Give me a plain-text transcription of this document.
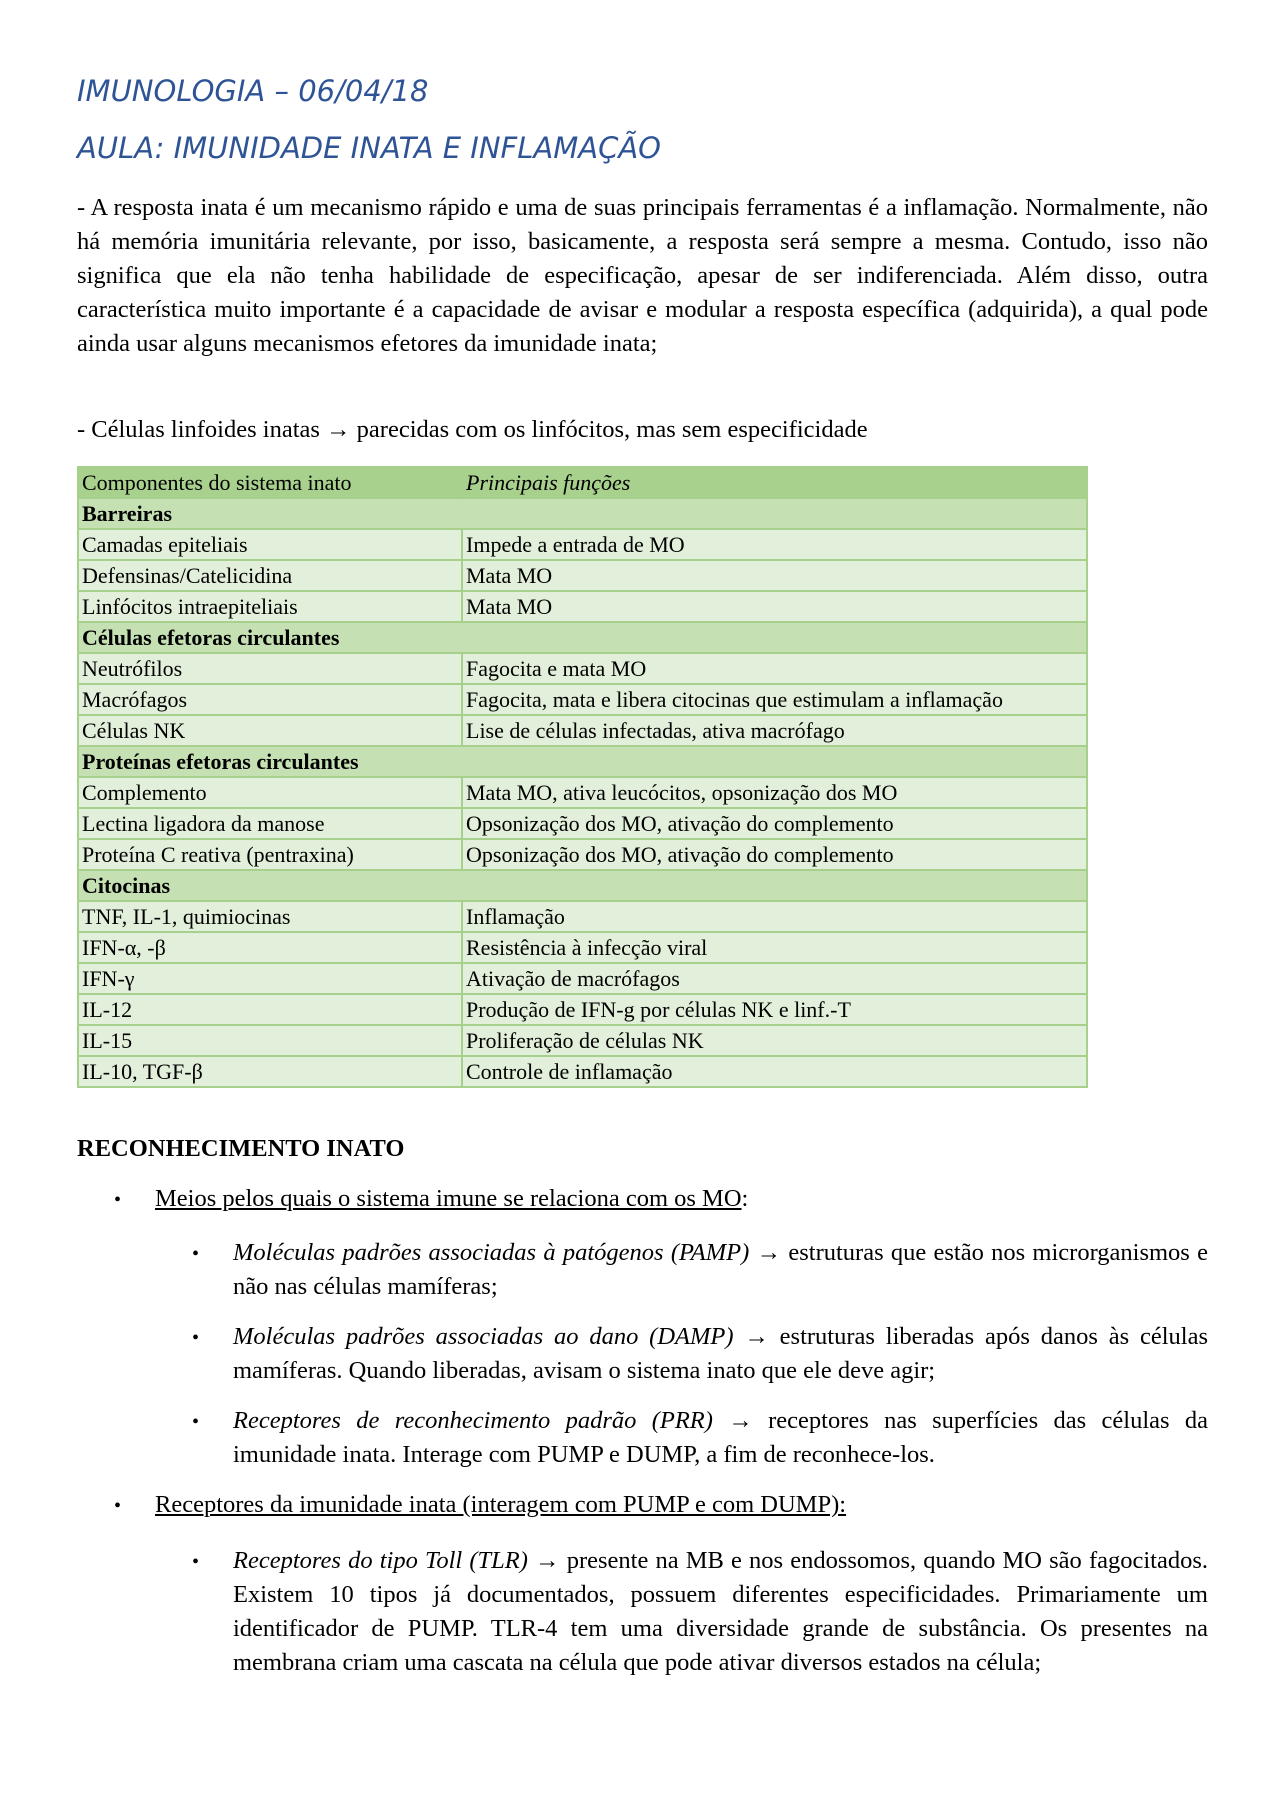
IMUNOLOGIA – 06/04/18
AULA: IMUNIDADE INATA E INFLAMAÇÃO

- A resposta inata é um mecanismo rápido e uma de suas principais ferramentas é a inflamação. Normalmente, não há memória imunitária relevante, por isso, basicamente, a resposta será sempre a mesma. Contudo, isso não significa que ela não tenha habilidade de especificação, apesar de ser indiferenciada. Além disso, outra característica muito importante é a capacidade de avisar e modular a resposta específica (adquirida), a qual pode ainda usar alguns mecanismos efetores da imunidade inata;

- Células linfoides inatas → parecidas com os linfócitos, mas sem especificidade

Componentes do sistema inato	Principais funções
Barreiras	
Camadas epiteliais	Impede a entrada de MO
Defensinas/Catelicidina	Mata MO
Linfócitos intraepiteliais	Mata MO
Células efetoras circulantes	
Neutrófilos	Fagocita e mata MO
Macrófagos	Fagocita, mata e libera citocinas que estimulam a inflamação
Células NK	Lise de células infectadas, ativa macrófago
Proteínas efetoras circulantes	
Complemento	Mata MO, ativa leucócitos, opsonização dos MO
Lectina ligadora da manose	Opsonização dos MO, ativação do complemento
Proteína C reativa (pentraxina)	Opsonização dos MO, ativação do complemento
Citocinas	
TNF, IL-1, quimiocinas	Inflamação
IFN-α, -β	Resistência à infecção viral
IFN-γ	Ativação de macrófagos
IL-12	Produção de IFN-g por células NK e linf.-T
IL-15	Proliferação de células NK
IL-10, TGF-β	Controle de inflamação
RECONHECIMENTO INATO
• Meios pelos quais o sistema imune se relaciona com os MO:

• Moléculas padrões associadas à patógenos (PAMP) → estruturas que estão nos microrganismos e não nas células mamíferas;

• Moléculas padrões associadas ao dano (DAMP) → estruturas liberadas após danos às células mamíferas. Quando liberadas, avisam o sistema inato que ele deve agir;

• Receptores de reconhecimento padrão (PRR) → receptores nas superfícies das células da imunidade inata. Interage com PUMP e DUMP, a fim de reconhece-los.

• Receptores da imunidade inata (interagem com PUMP e com DUMP):

• Receptores do tipo Toll (TLR) → presente na MB e nos endossomos, quando MO são fagocitados. Existem 10 tipos já documentados, possuem diferentes especificidades. Primariamente um identificador de PUMP. TLR-4 tem uma diversidade grande de substância. Os presentes na membrana criam uma cascata na célula que pode ativar diversos estados na célula;
